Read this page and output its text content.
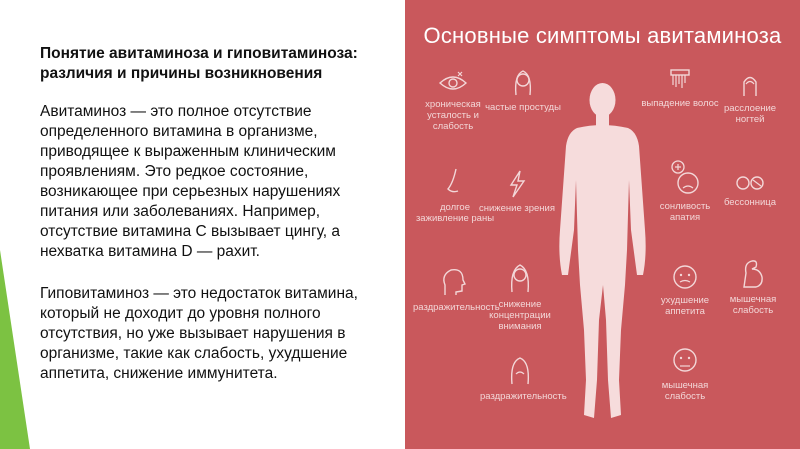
Понятие авитаминоза и гиповитаминоза: различия и причины возникновения
Авитаминоз — это полное отсутствие определенного витамина в организме, приводящее к выраженным клиническим проявлениям. Это редкое состояние, возникающее при серьезных нарушениях питания или заболеваниях. Например, отсутствие витамина C вызывает цингу, а нехватка витамина D — рахит.
Гиповитаминоз — это недостаток витамина, который не доходит до уровня полного отсутствия, но уже вызывает нарушения в организме, такие как слабость, ухудшение аппетита, снижение иммунитета.
Основные симптомы авитаминоза
хроническая усталость и слабость
частые простуды	выпадение волос расслоение ногтей
долгое заживление раны
снижение зрения	сонливость апатия
бессонница
раздражительность
снижение концентрации внимания
ухудшение аппетита
мышечная слабость
раздражительность
мышечная слабость
